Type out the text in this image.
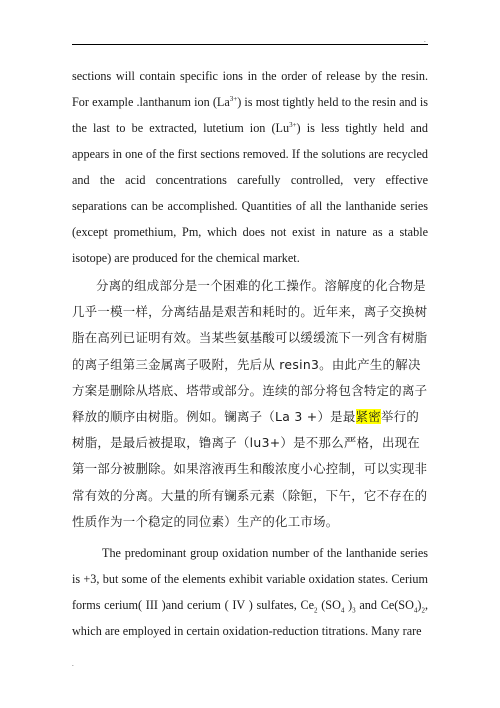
.

sections will contain specific ions in the order of release by the resin. For example .lanthanum ion $(La^{3+})$ is most tightly held to the resin and is the last to be extracted, lutetium ion $(Lu^{3+})$ is less tightly held and appears in one of the first sections removed. If the solutions are recycled and the acid concentrations carefully controlled, very effective separations can be accomplished. Quantities of all the lanthanide series (except promethium, Pm, which does not exist in nature as a stable isotope) are produced for the chemical market.

分离的组成部分是一个困难的化工操作。溶解度的化合物是几乎一模一样，分离结晶是艰苦和耗时的。近年来，离子交换树脂在高列已证明有效。当某些氨基酸可以缓缓流下一列含有树脂的离子组第三金属离子吸附，先后从 resin3。由此产生的解决方案是删除从塔底、塔带或部分。连续的部分将包含特定的离子释放的顺序由树脂。例如。镧离子（La 3 +）是最紧密举行的树脂，是最后被提取，镥离子（lu3+）是不那么严格，出现在第一部分被删除。如果溶液再生和酸浓度小心控制，可以实现非常有效的分离。大量的所有镧系元素（除钷，下午，它不存在的性质作为一个稳定的同位素）生产的化工市场。

The predominant group oxidation number of the lanthanide series is +3, but some of the elements exhibit variable oxidation states. Cerium forms cerium( III )and cerium ( IV ) sulfates, $Ce_2$ ($SO_4$ )$_3$ and $Ce(SO_4)_2$, which are employed in certain oxidation-reduction titrations. Many rare

.
